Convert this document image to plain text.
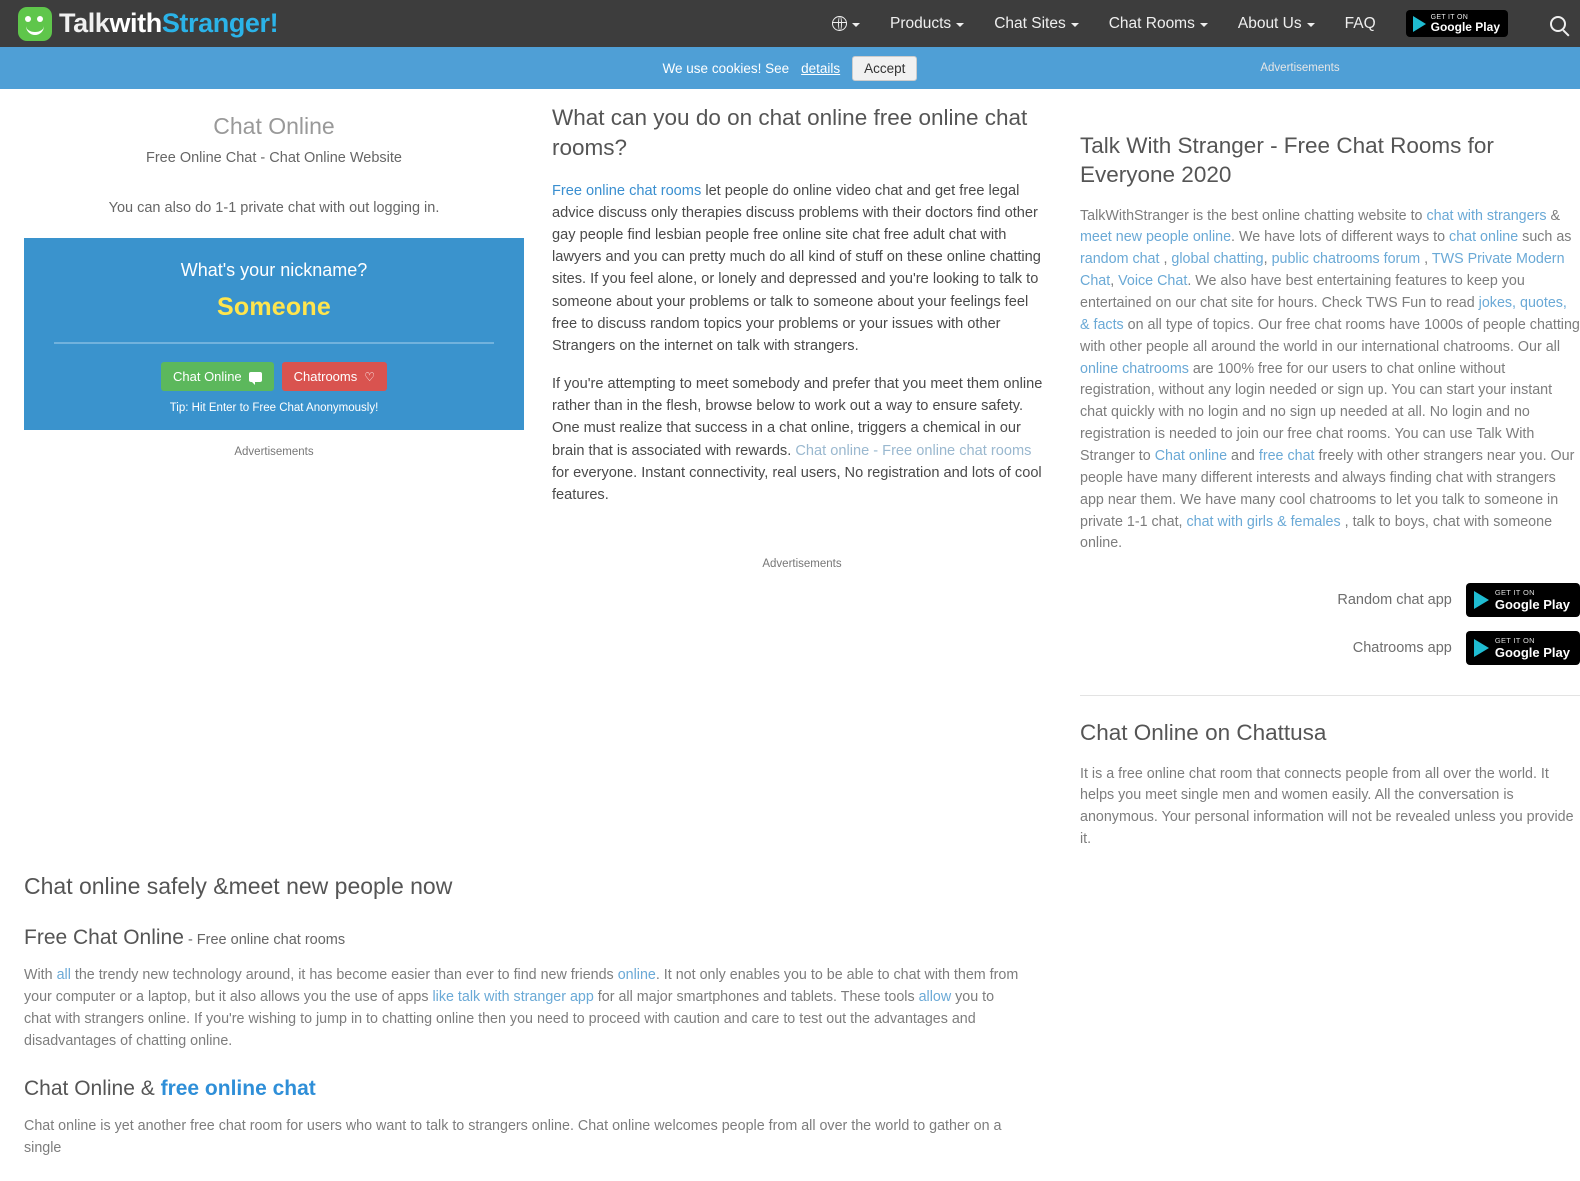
TalkwithStranger!	Products	Chat Sites	Chat Rooms	About Us	FAQ	GET IT ON
Google Play
We use cookies! See details	Accept	Advertisements
Chat Online
Free Online Chat - Chat Online Website
You can also do 1-1 private chat with out logging in.
What's your nickname?
Someone
Chat Online	Chatrooms ♡
Tip: Hit Enter to Free Chat Anonymously!
Advertisements
What can you do on chat online free online chat rooms?

Free online chat rooms let people do online video chat and get free legal advice discuss only therapies discuss problems with their doctors find other gay people find lesbian people free online site chat free adult chat with lawyers and you can pretty much do all kind of stuff on these online chatting sites. If you feel alone, or lonely and depressed and you're looking to talk to someone about your problems or talk to someone about your feelings feel free to discuss random topics your problems or your issues with other Strangers on the internet on talk with strangers.

If you're attempting to meet somebody and prefer that you meet them online rather than in the flesh, browse below to work out a way to ensure safety. One must realize that success in a chat online, triggers a chemical in our brain that is associated with rewards. Chat online - Free online chat rooms for everyone. Instant connectivity, real users, No registration and lots of cool features.

Advertisements
Talk With Stranger - Free Chat Rooms for Everyone 2020

TalkWithStranger is the best online chatting website to chat with strangers & meet new people online. We have lots of different ways to chat online such as random chat , global chatting, public chatrooms forum , TWS Private Modern Chat, Voice Chat. We also have best entertaining features to keep you entertained on our chat site for hours. Check TWS Fun to read jokes, quotes, & facts on all type of topics. Our free chat rooms have 1000s of people chatting with other people all around the world in our international chatrooms. Our all online chatrooms are 100% free for our users to chat online without registration, without any login needed or sign up. You can start your instant chat quickly with no login and no sign up needed at all. No login and no registration is needed to join our free chat rooms. You can use Talk With Stranger to Chat online and free chat freely with other strangers near you. Our people have many different interests and always finding chat with strangers app near them. We have many cool chatrooms to let you talk to someone in private 1-1 chat, chat with girls & females , talk to boys, chat with someone online.

Random chat app	GET IT ON
Google Play
Chatrooms app	GET IT ON
Google Play
Chat Online on Chattusa

It is a free online chat room that connects people from all over the world. It helps you meet single men and women easily. All the conversation is anonymous. Your personal information will not be revealed unless you provide it.

Chat online safely &meet new people now
Free Chat Online - Free online chat rooms

With all the trendy new technology around, it has become easier than ever to find new friends online. It not only enables you to be able to chat with them from your computer or a laptop, but it also allows you the use of apps like talk with stranger app for all major smartphones and tablets. These tools allow you to chat with strangers online. If you're wishing to jump in to chatting online then you need to proceed with caution and care to test out the advantages and disadvantages of chatting online.

Chat Online & free online chat

Chat online is yet another free chat room for users who want to talk to strangers online. Chat online welcomes people from all over the world to gather on a single
